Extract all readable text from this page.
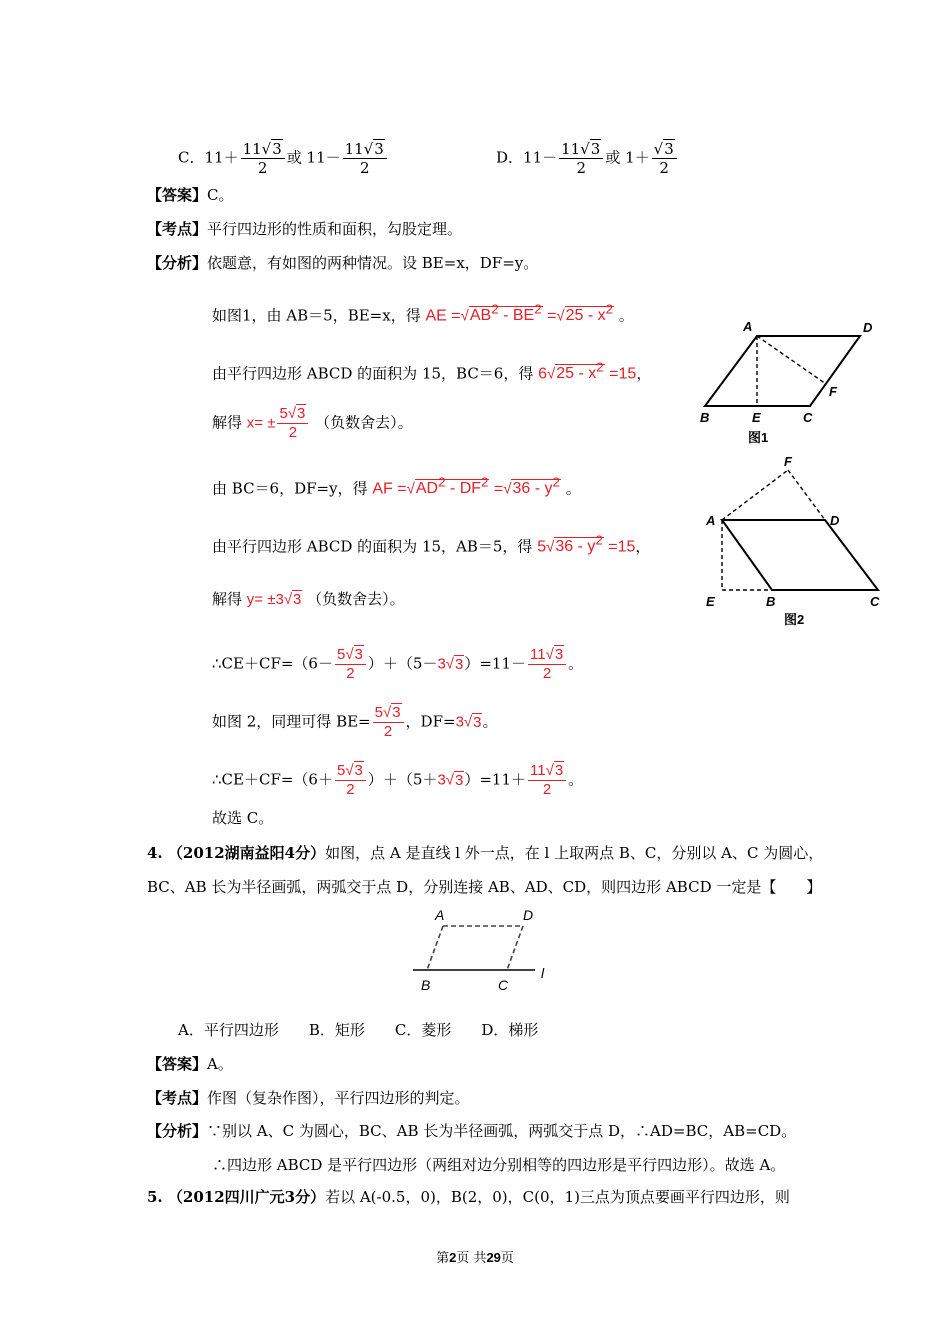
C．$11+ \frac{11√3}{2}$ 或 $11- \frac{11√3}{2}$	D．$11- \frac{11√3}{2}$ 或 $1+ \frac{√3}{2}$
【答案】C。
【考点】平行四边形的性质和面积，勾股定理。
【分析】依题意，有如图的两种情况。设 BE=x，DF=y。
如图1，由 AB＝5，BE=x，得 AE $=√AB^2 - BE^2 =√25 - x^2$ 。
由平行四边形 ABCD 的面积为 15，BC＝6，得 $6√25 - x^2 =15$，
解得 $x= \pm \frac{5√3}{2}$ （负数舍去）。
由 BC＝6，DF=y，得 AF $=√AD^2 - DF^2 =√36 - y^2$ 。
由平行四边形 ABCD 的面积为 15，AB＝5，得 $5√36 - y^2 =15$，
解得 y= ±3√3 （负数舍去）。
∴CE＋CF=（6－ $\frac{5√3}{2} )+(5-3√3)=11- \frac{11√3}{2}$ 。
如图 2，同理可得 $BE= \frac{5√3}{2}$ ，DF=3√3。
∴CE＋CF=（6＋ $\frac{5√3}{2} )+(5+3√3)=11+ \frac{11√3}{2}$ 。
故选 C。
A	D
F
B	E	C
图1
F
A	D
E	B	C
图2
4. （2012湖南益阳4分）如图，点 A 是直线 l 外一点，在 l 上取两点 B、C，分别以 A、C 为圆心，
BC、AB 长为半径画弧，两弧交于点 D，分别连接 AB、AD、CD，则四边形 ABCD 一定是【　　】
A	D
B	C
l
A．平行四边形 B．矩形 C．菱形 D．梯形
【答案】A。
【考点】作图（复杂作图），平行四边形的判定。
【分析】∵别以 A、C 为圆心，BC、AB 长为半径画弧，两弧交于点 D，∴AD=BC，AB=CD。
∴四边形 ABCD 是平行四边形（两组对边分别相等的四边形是平行四边形）。故选 A。
5. （2012四川广元3分）若以 A(-0.5，0)，B(2，0)，C(0，1)三点为顶点要画平行四边形，则
第2页 共29页
